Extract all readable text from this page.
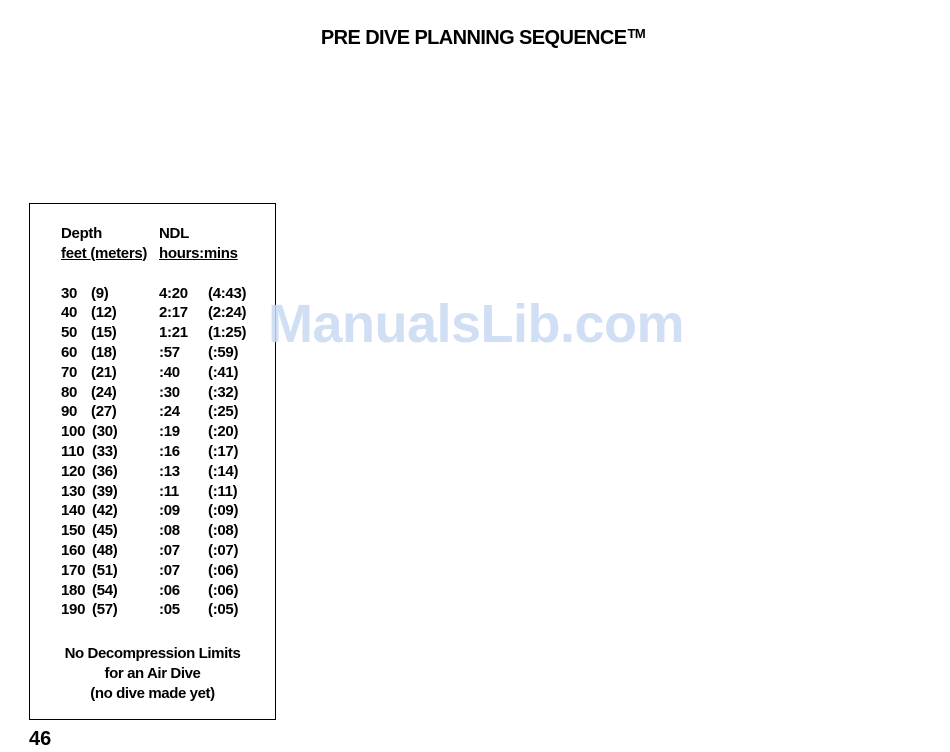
PRE DIVE PLANNING SEQUENCE™
Depth	NDL
feet (meters) hours:mins
30 (9)	4:20 (4:43)
40 (12)	2:17 (2:24)
50 (15)	1:21 (1:25)
60 (18)	:57 (:59)
70 (21)	:40 (:41)
80 (24)	:30 (:32)
90 (27)	:24 (:25)
100 (30)	:19 (:20)
110 (33)	:16 (:17)
120 (36)	:13 (:14)
130 (39)	:11 (:11)
140 (42)	:09 (:09)
150 (45)	:08 (:08)
160 (48)	:07 (:07)
170 (51)	:07 (:06)
180 (54)	:06 (:06)
190 (57)	:05 (:05)
No Decompression Limits
for an Air Dive
(no dive made yet)
ManualsLib.com
46
